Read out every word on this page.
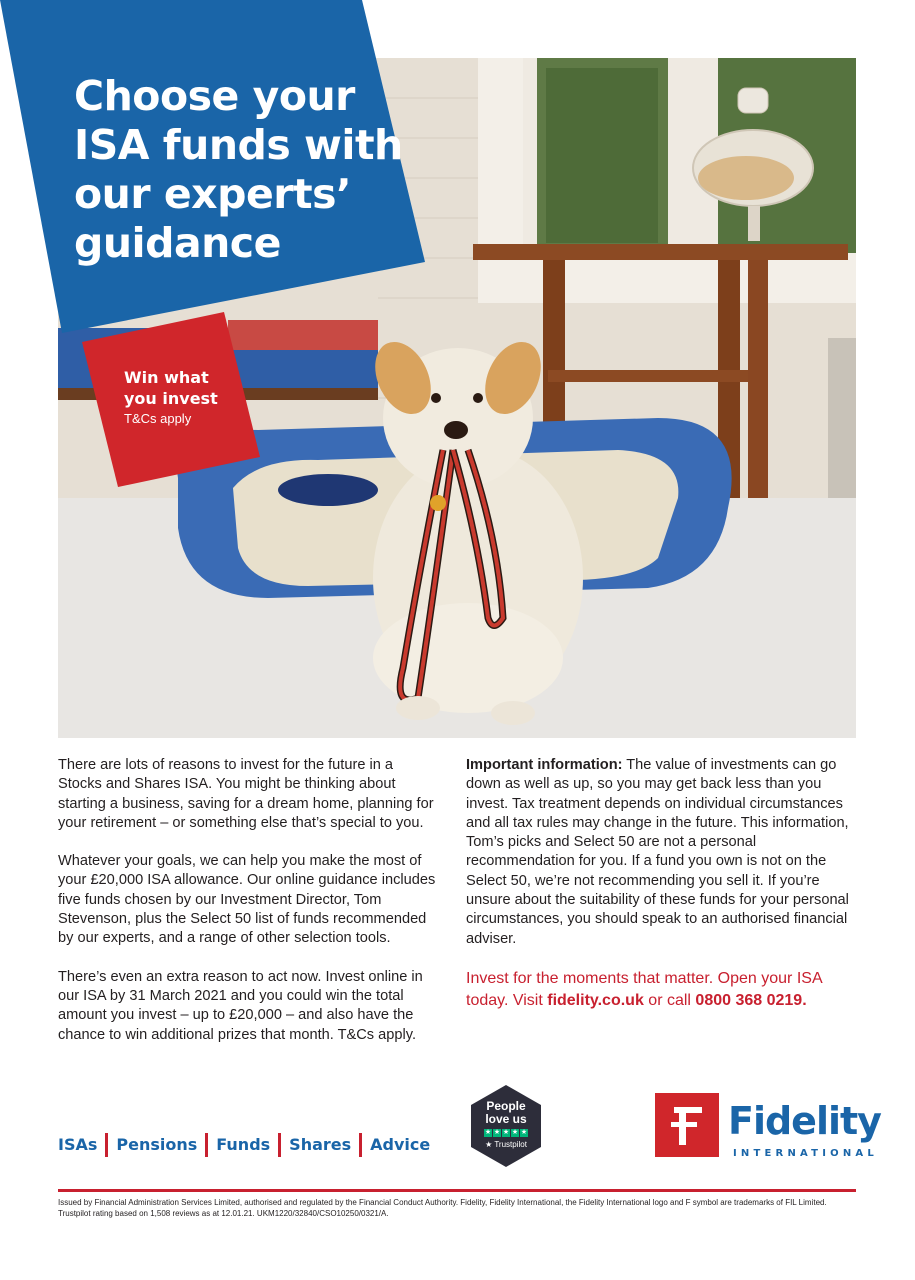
Choose your
ISA funds with
our experts’
guidance
Win what you invest
T&Cs apply

There are lots of reasons to invest for the future in a Stocks and Shares ISA. You might be thinking about starting a business, saving for a dream home, planning for your retirement – or something else that’s special to you.

Whatever your goals, we can help you make the most of your £20,000 ISA allowance. Our online guidance includes five funds chosen by our Investment Director, Tom Stevenson, plus the Select 50 list of funds recommended by our experts, and a range of other selection tools.

There’s even an extra reason to act now. Invest online in our ISA by 31 March 2021 and you could win the total amount you invest – up to £20,000 – and also have the chance to win additional prizes that month. T&Cs apply.

Important information: The value of investments can go down as well as up, so you may get back less than you invest. Tax treatment depends on individual circumstances and all tax rules may change in the future. This information, Tom’s picks and Select 50 are not a personal recommendation for you. If a fund you own is not on the Select 50, we’re not recommending you sell it. If you’re unsure about the suitability of these funds for your personal circumstances, you should speak to an authorised financial adviser.

Invest for the moments that matter. Open your ISA today. Visit fidelity.co.uk or call 0800 368 0219.
ISAs	Pensions	Funds	Shares	Advice
People
love us
★ ★ ★ ★ ★
★ Trustpilot
Fidelity
INTERNATIONAL
Issued by Financial Administration Services Limited, authorised and regulated by the Financial Conduct Authority. Fidelity, Fidelity International, the Fidelity International logo and F symbol are trademarks of FIL Limited. Trustpilot rating based on 1,508 reviews as at 12.01.21. UKM1220/32840/CSO10250/0321/A.
